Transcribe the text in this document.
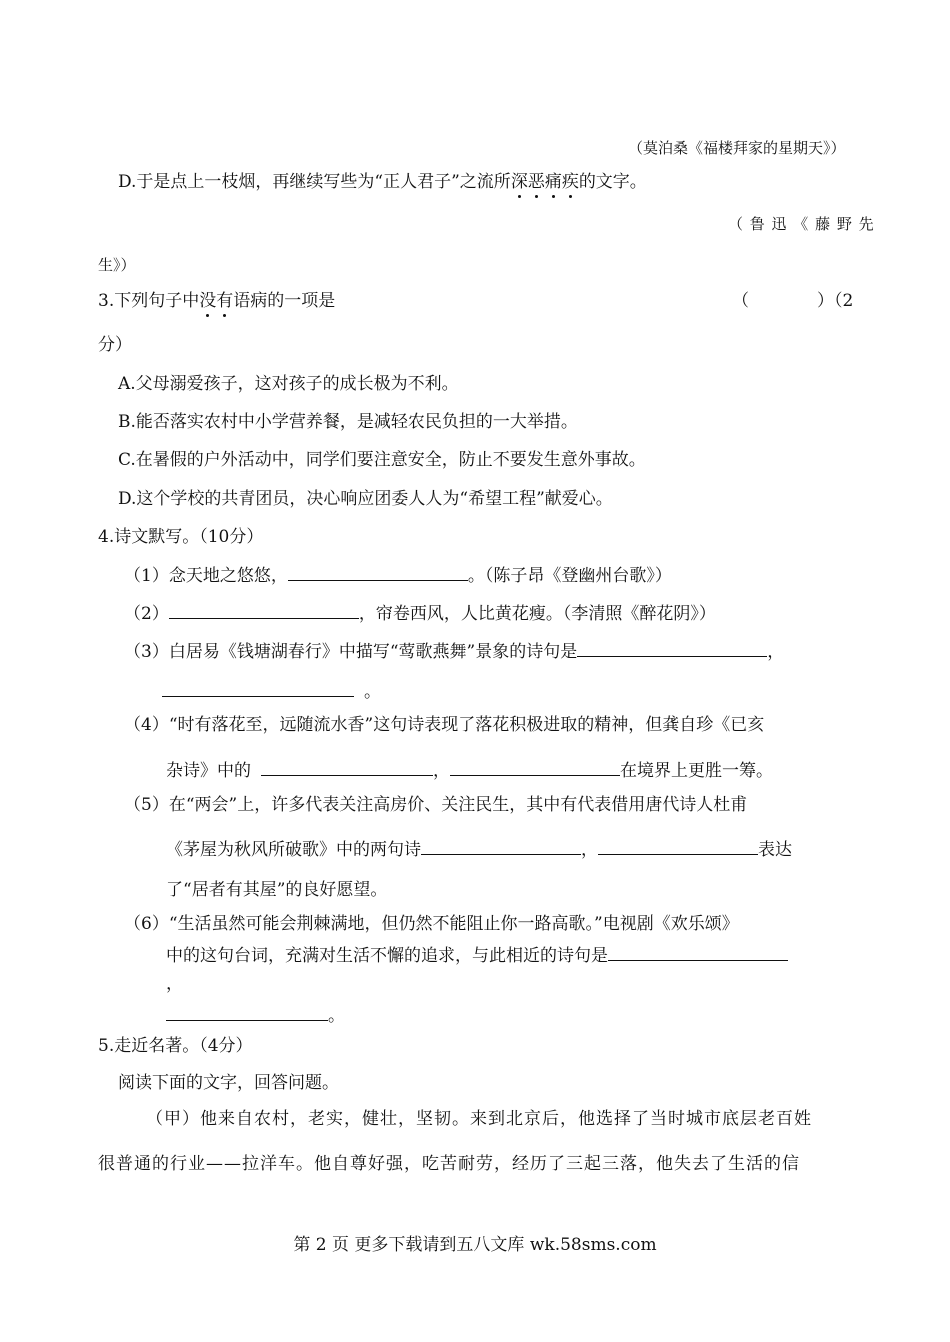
（莫泊桑《福楼拜家的星期天》）
D.于是点上一枝烟，再继续写些为“正人君子”之流所深恶痛疾的文字。
（ 鲁 迅 《 藤 野 先
生》）
3.下列句子中没有语病的一项是	（　　　　）（2
分）
A.父母溺爱孩子，这对孩子的成长极为不利。
B.能否落实农村中小学营养餐，是减轻农民负担的一大举措。
C.在暑假的户外活动中，同学们要注意安全，防止不要发生意外事故。
D.这个学校的共青团员，决心响应团委人人为“希望工程”献爱心。
4.诗文默写。（10分）
（1）念天地之悠悠，	。（陈子昂《登幽州台歌》）
（2）	，帘卷西风，人比黄花瘦。（李清照《醉花阴》）
（3）白居易《钱塘湖春行》中描写“莺歌燕舞”景象的诗句是	，
。
（4）“时有落花至，远随流水香”这句诗表现了落花积极进取的精神，但龚自珍《已亥
杂诗》中的	，	在境界上更胜一筹。
（5）在“两会”上，许多代表关注高房价、关注民生，其中有代表借用唐代诗人杜甫
《茅屋为秋风所破歌》中的两句诗	，	表达
了“居者有其屋”的良好愿望。
（6）“生活虽然可能会荆棘满地，但仍然不能阻止你一路高歌。”电视剧《欢乐颂》
中的这句台词，充满对生活不懈的追求，与此相近的诗句是
，
。
5.走近名著。（4分）
阅读下面的文字，回答问题。
（甲）他来自农村，老实，健壮，坚韧。来到北京后，他选择了当时城市底层老百姓
很普通的行业——拉洋车。他自尊好强，吃苦耐劳，经历了三起三落，他失去了生活的信
第 2 页 更多下载请到五八文库 wk.58sms.com
